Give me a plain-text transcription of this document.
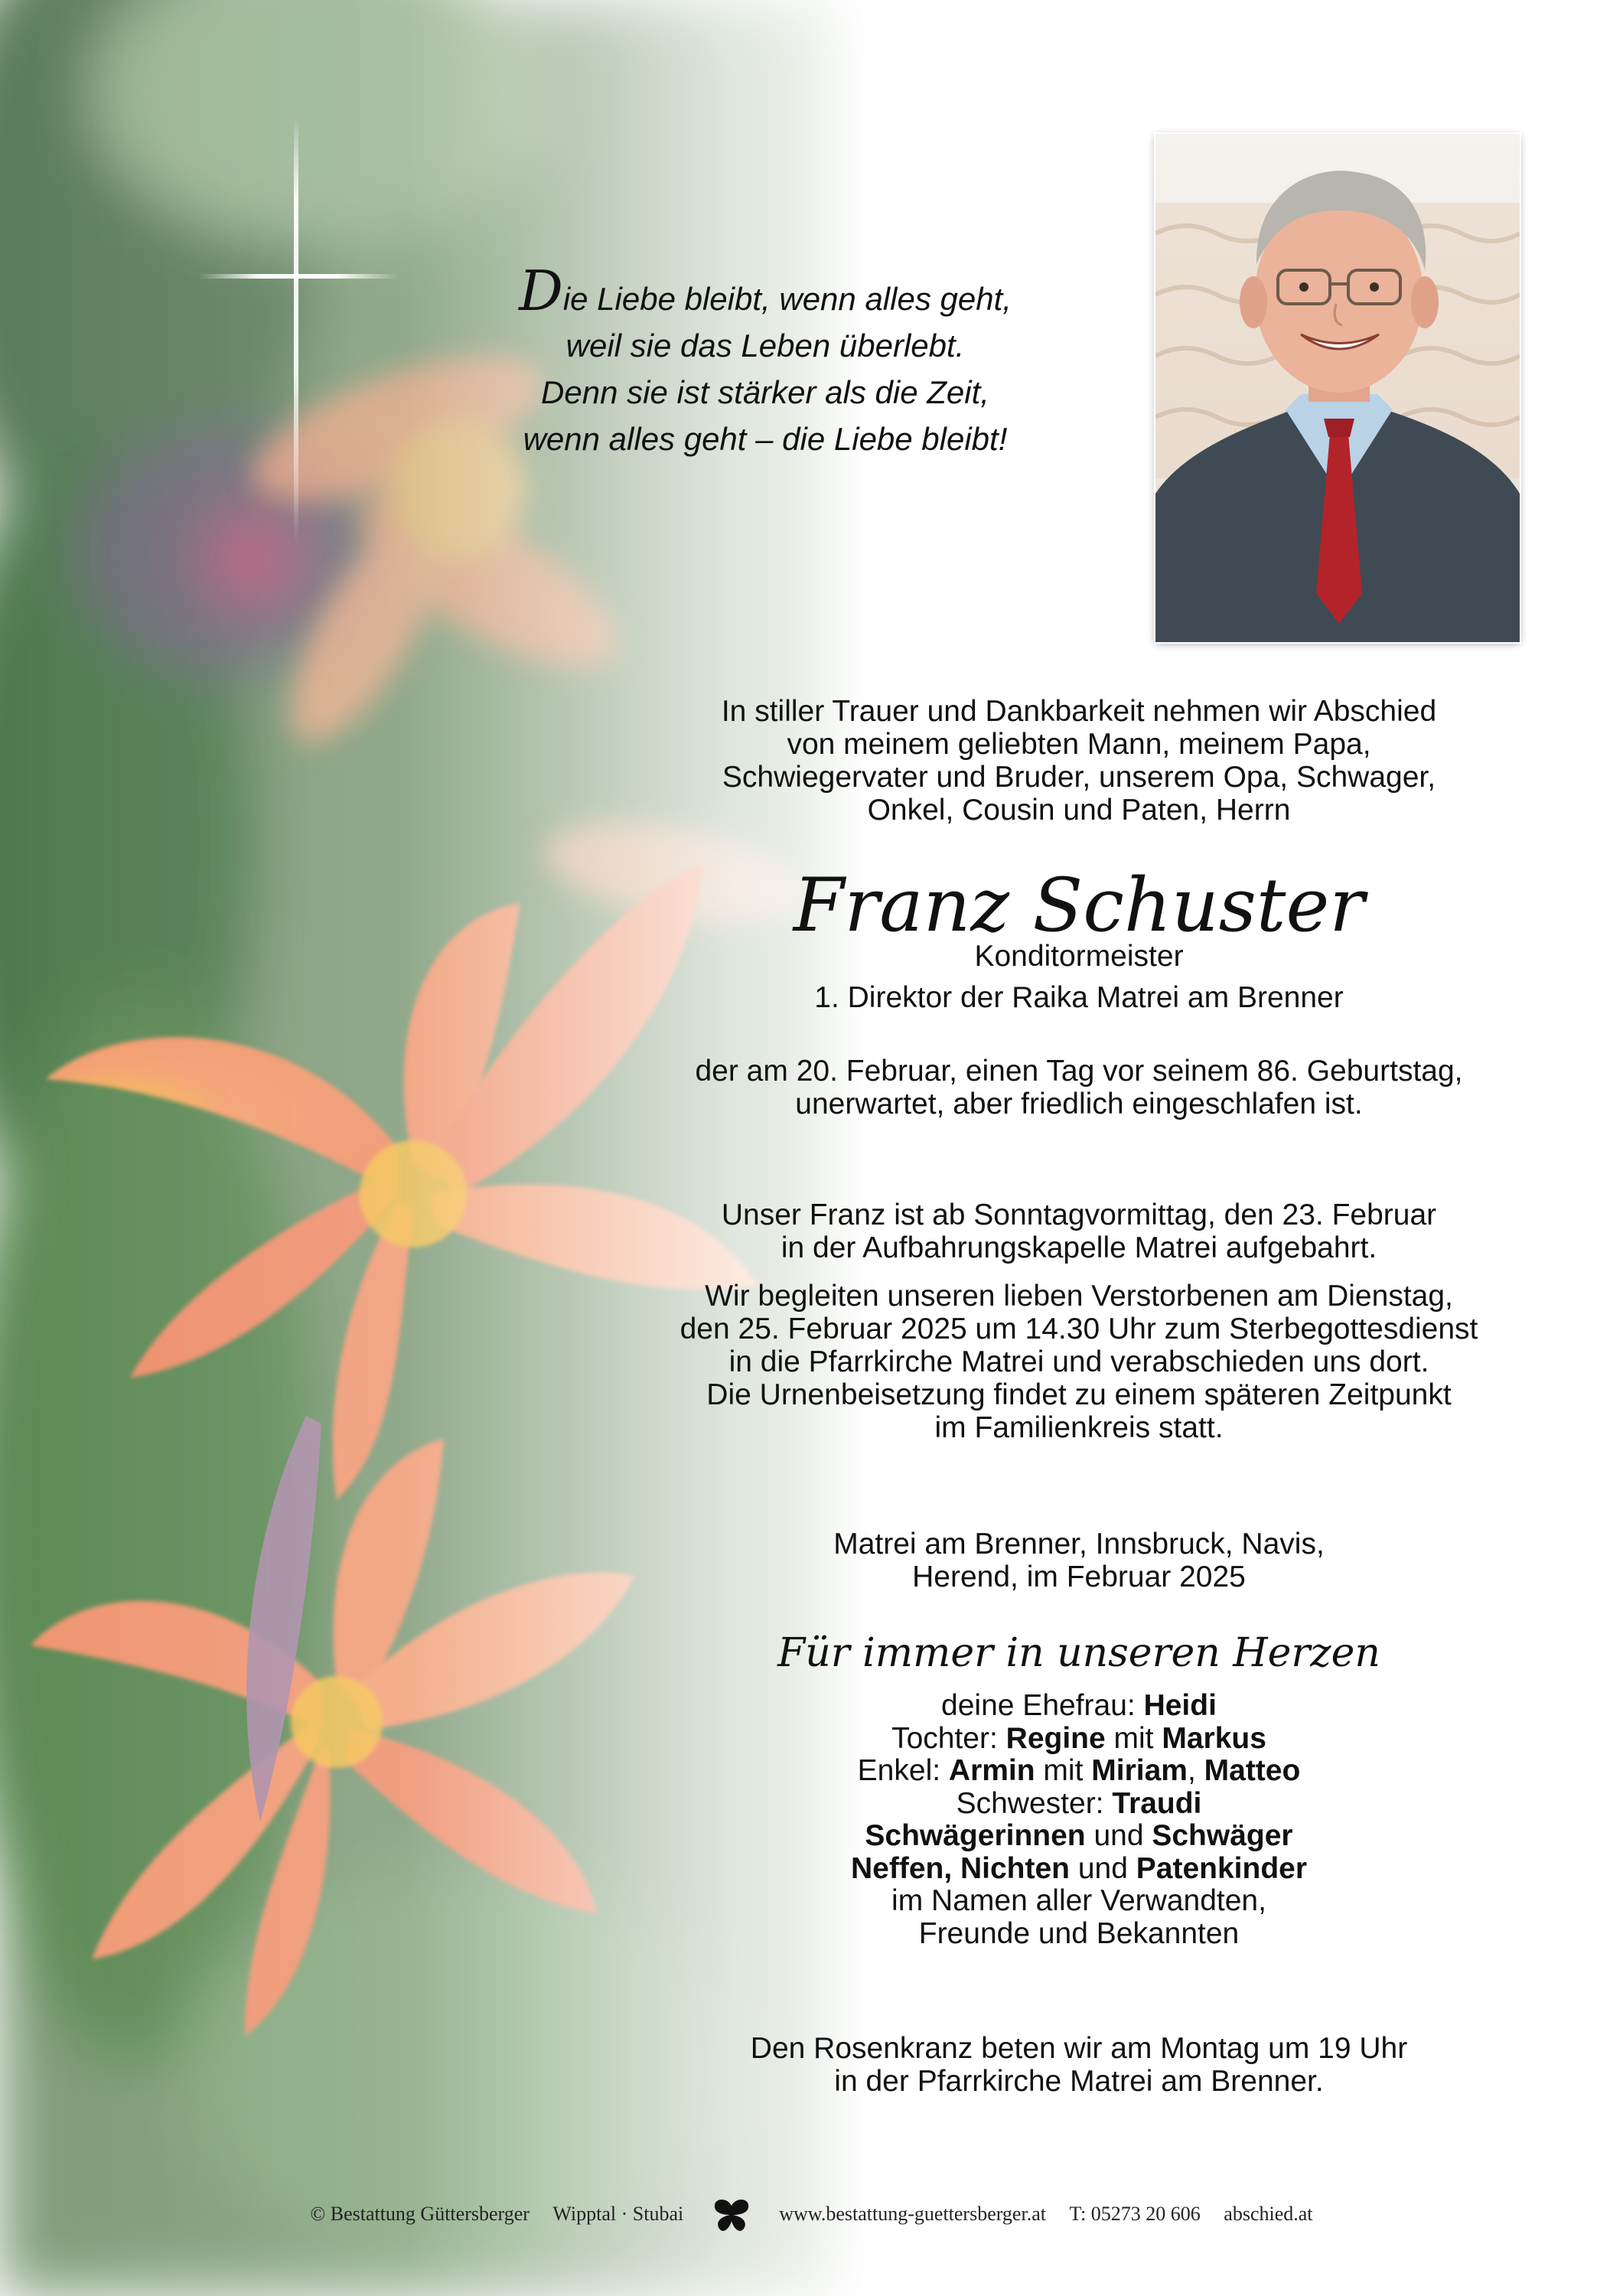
Die Liebe bleibt, wenn alles geht,
weil sie das Leben überlebt.
Denn sie ist stärker als die Zeit,
wenn alles geht – die Liebe bleibt!
In stiller Trauer und Dankbarkeit nehmen wir Abschied
von meinem geliebten Mann, meinem Papa,
Schwiegervater und Bruder, unserem Opa, Schwager,
Onkel, Cousin und Paten, Herrn
Franz Schuster
Konditormeister
1. Direktor der Raika Matrei am Brenner
der am 20. Februar, einen Tag vor seinem 86. Geburtstag,
unerwartet, aber friedlich eingeschlafen ist.
Unser Franz ist ab Sonntagvormittag, den 23. Februar
in der Aufbahrungskapelle Matrei aufgebahrt.
Wir begleiten unseren lieben Verstorbenen am Dienstag,
den 25. Februar 2025 um 14.30 Uhr zum Sterbegottesdienst
in die Pfarrkirche Matrei und verabschieden uns dort.
Die Urnenbeisetzung findet zu einem späteren Zeitpunkt
im Familienkreis statt.
Matrei am Brenner, Innsbruck, Navis,
Herend, im Februar 2025
Für immer in unseren Herzen
deine Ehefrau: Heidi
Tochter: Regine mit Markus
Enkel: Armin mit Miriam, Matteo
Schwester: Traudi
Schwägerinnen und Schwäger
Neffen, Nichten und Patenkinder
im Namen aller Verwandten,
Freunde und Bekannten
Den Rosenkranz beten wir am Montag um 19 Uhr
in der Pfarrkirche Matrei am Brenner.
© Bestattung Güttersberger Wipptal · Stubai	www.bestattung-guettersberger.at T: 05273 20 606 abschied.at
